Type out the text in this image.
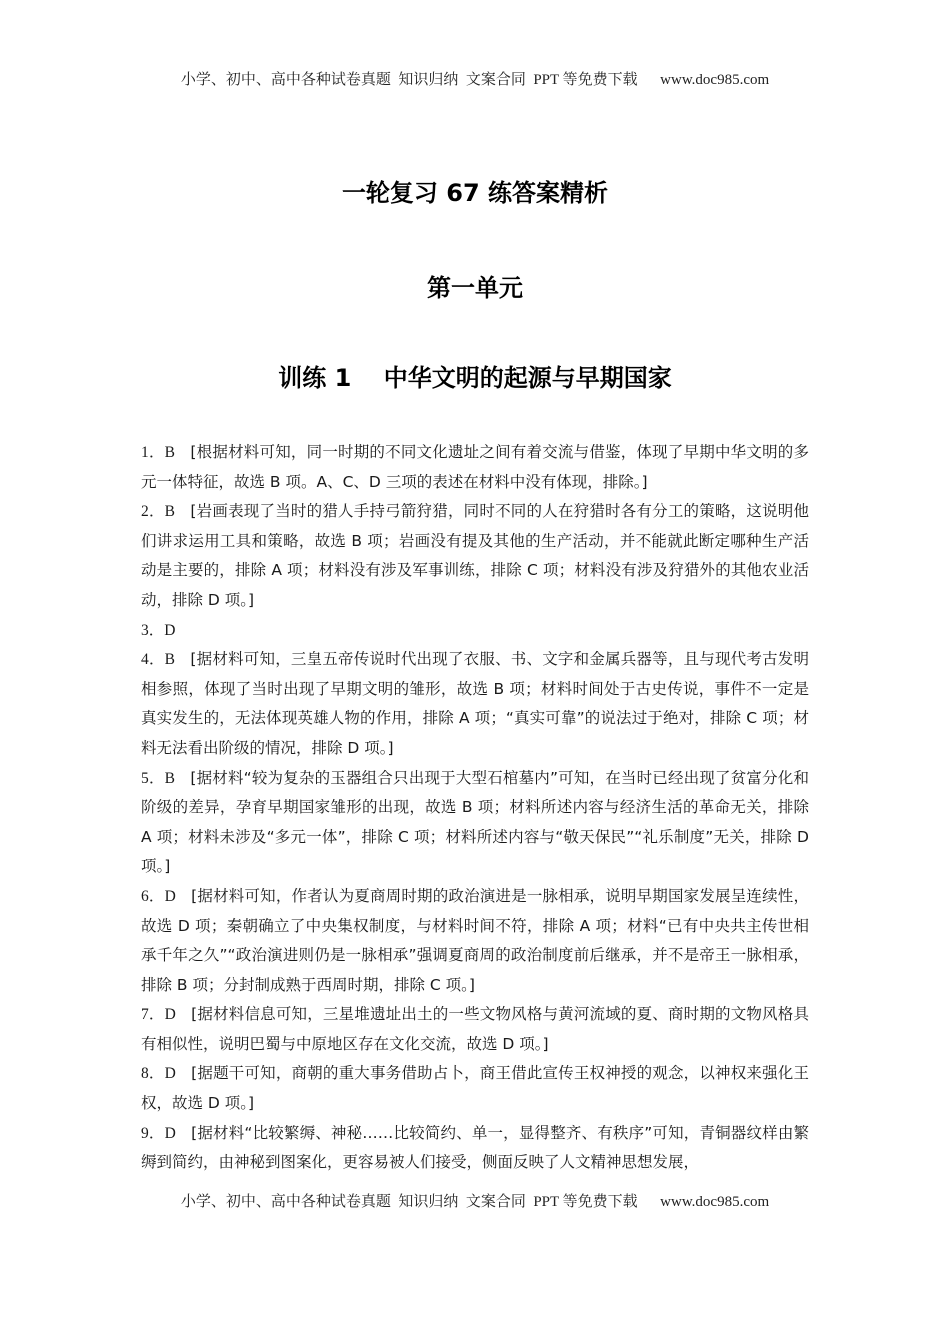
小学、初中、高中各种试卷真题  知识归纳  文案合同  PPT 等免费下载      www.doc985.com
一轮复习 67 练答案精析
第一单元
训练 1　 中华文明的起源与早期国家

1．B [根据材料可知，同一时期的不同文化遗址之间有着交流与借鉴，体现了早期中华文明的多元一体特征，故选 B 项。A、C、D 三项的表述在材料中没有体现，排除。]

2．B [岩画表现了当时的猎人手持弓箭狩猎，同时不同的人在狩猎时各有分工的策略，这说明他们讲求运用工具和策略，故选 B 项；岩画没有提及其他的生产活动，并不能就此断定哪种生产活动是主要的，排除 A 项；材料没有涉及军事训练，排除 C 项；材料没有涉及狩猎外的其他农业活动，排除 D 项。]

3．D

4．B [据材料可知，三皇五帝传说时代出现了衣服、书、文字和金属兵器等，且与现代考古发明相参照，体现了当时出现了早期文明的雏形，故选 B 项；材料时间处于古史传说，事件不一定是真实发生的，无法体现英雄人物的作用，排除 A 项；“真实可靠”的说法过于绝对，排除 C 项；材料无法看出阶级的情况，排除 D 项。]

5．B [据材料“较为复杂的玉器组合只出现于大型石棺墓内”可知，在当时已经出现了贫富分化和阶级的差异，孕育早期国家雏形的出现，故选 B 项；材料所述内容与经济生活的革命无关，排除 A 项；材料未涉及“多元一体”，排除 C 项；材料所述内容与“敬天保民”“礼乐制度”无关，排除 D 项。]

6．D [据材料可知，作者认为夏商周时期的政治演进是一脉相承，说明早期国家发展呈连续性，故选 D 项；秦朝确立了中央集权制度，与材料时间不符，排除 A 项；材料“已有中央共主传世相承千年之久”“政治演进则仍是一脉相承”强调夏商周的政治制度前后继承，并不是帝王一脉相承，排除 B 项；分封制成熟于西周时期，排除 C 项。]

7．D [据材料信息可知，三星堆遗址出土的一些文物风格与黄河流域的夏、商时期的文物风格具有相似性，说明巴蜀与中原地区存在文化交流，故选 D 项。]

8．D [据题干可知，商朝的重大事务借助占卜，商王借此宣传王权神授的观念，以神权来强化王权，故选 D 项。]

9．D [据材料“比较繁缛、神秘……比较简约、单一，显得整齐、有秩序”可知，青铜器纹样由繁缛到简约，由神秘到图案化，更容易被人们接受，侧面反映了人文精神思想发展，

小学、初中、高中各种试卷真题  知识归纳  文案合同  PPT 等免费下载      www.doc985.com
